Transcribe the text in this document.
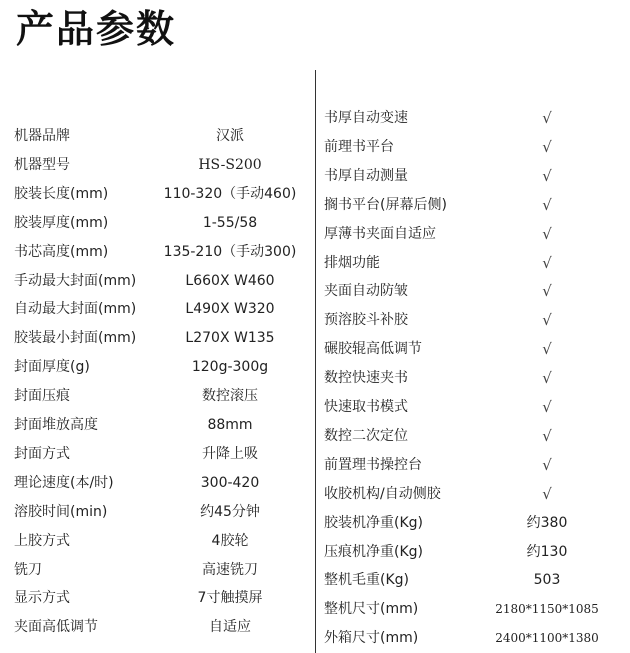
产品参数
机器品牌	汉派
机器型号	HS-S200
胶装长度(mm)	110-320（手动460)
胶装厚度(mm)	1-55/58
书芯高度(mm)	135-210（手动300)
手动最大封面(mm)	L660X W460
自动最大封面(mm)	L490X W320
胶装最小封面(mm)	L270X W135
封面厚度(g)	120g-300g
封面压痕	数控滚压
封面堆放高度	88mm
封面方式	升降上吸
理论速度(本/时)	300-420
溶胶时间(min)	约45分钟
上胶方式	4胶轮
铣刀	高速铣刀
显示方式	7寸触摸屏
夹面高低调节	自适应
书厚自动变速	√
前理书平台	√
书厚自动测量	√
搁书平台(屏幕后侧)	√
厚薄书夹面自适应	√
排烟功能	√
夹面自动防皱	√
预溶胶斗补胶	√
碾胶辊高低调节	√
数控快速夹书	√
快速取书模式	√
数控二次定位	√
前置理书操控台	√
收胶机构/自动侧胶	√
胶装机净重(Kg)	约380
压痕机净重(Kg)	约130
整机毛重(Kg)	503
整机尺寸(mm)	2180*1150*1085
外箱尺寸(mm)	2400*1100*1380
